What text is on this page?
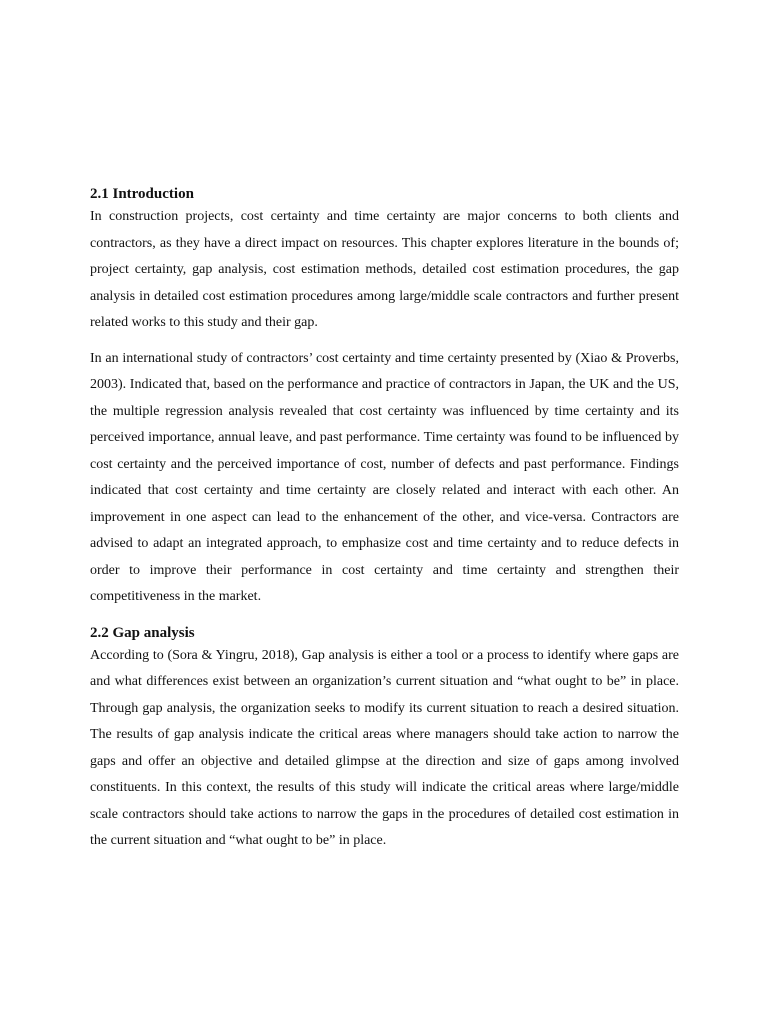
2.1 Introduction

In construction projects, cost certainty and time certainty are major concerns to both clients and contractors, as they have a direct impact on resources. This chapter explores literature in the bounds of; project certainty, gap analysis, cost estimation methods, detailed cost estimation procedures, the gap analysis in detailed cost estimation procedures among large/middle scale contractors and further present related works to this study and their gap.

In an international study of contractors’ cost certainty and time certainty presented by (Xiao & Proverbs, 2003). Indicated that, based on the performance and practice of contractors in Japan, the UK and the US, the multiple regression analysis revealed that cost certainty was influenced by time certainty and its perceived importance, annual leave, and past performance. Time certainty was found to be influenced by cost certainty and the perceived importance of cost, number of defects and past performance. Findings indicated that cost certainty and time certainty are closely related and interact with each other. An improvement in one aspect can lead to the enhancement of the other, and vice-versa. Contractors are advised to adapt an integrated approach, to emphasize cost and time certainty and to reduce defects in order to improve their performance in cost certainty and time certainty and strengthen their competitiveness in the market.

2.2 Gap analysis

According to (Sora & Yingru, 2018), Gap analysis is either a tool or a process to identify where gaps are and what differences exist between an organization’s current situation and “what ought to be” in place. Through gap analysis, the organization seeks to modify its current situation to reach a desired situation. The results of gap analysis indicate the critical areas where managers should take action to narrow the gaps and offer an objective and detailed glimpse at the direction and size of gaps among involved constituents. In this context, the results of this study will indicate the critical areas where large/middle scale contractors should take actions to narrow the gaps in the procedures of detailed cost estimation in the current situation and “what ought to be” in place.
